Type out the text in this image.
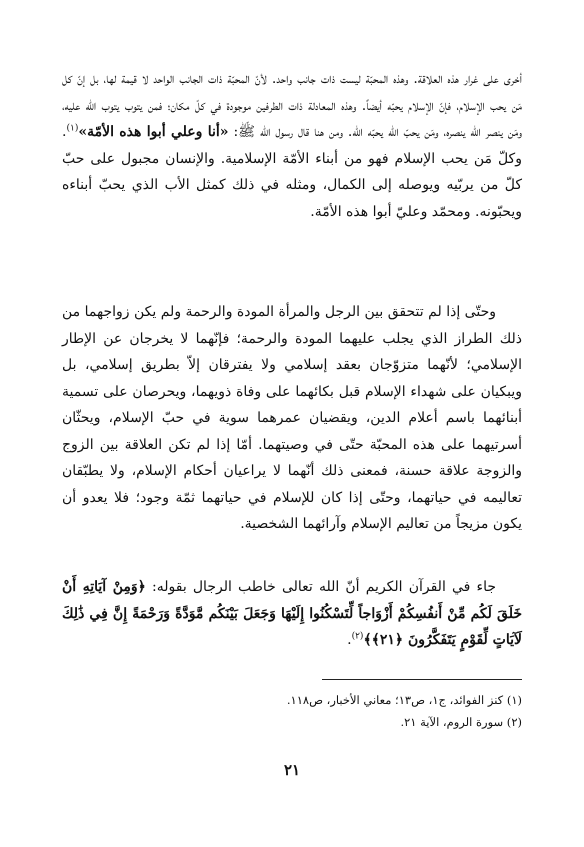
أخرى على غرار هذه العلاقة. وهذه المحبّة ليست ذات جانب واحد. لأنّ المحبّة ذات الجانب الواحد لا قيمة لها، بل إنّ كل مَن يحب الإسلام، فإنّ الإسلام يحبّه أيضاً. وهذه المعادلة ذات الطرفين موجودة في كلّ مكان؛ فمن يتوب يتوب الله عليه، ومَن ينصر الله ينصره، ومَن يحبّ الله يحبّه الله. ومن هنا قال رسول الله ﷺ: «أنا وعلي أبوا هذه الأمّة»$^{(١)}$. وكلّ مَن يحب الإسلام فهو من أبناء الأمّة الإسلامية. والإنسان مجبول على حبّ كلّ من يربّيه ويوصله إلى الكمال، ومثله في ذلك كمثل الأب الذي يحبّ أبناءه ويحبّونه. ومحمّد وعليّ أبوا هذه الأمّة.

وحتّى إذا لم تتحقق بين الرجل والمرأة المودة والرحمة ولم يكن زواجهما من ذلك الطراز الذي يجلب عليهما المودة والرحمة؛ فإنّهما لا يخرجان عن الإطار الإسلامي؛ لأنّهما متزوّجان بعقد إسلامي ولا يفترقان إلاّ بطريق إسلامي، بل ويبكيان على شهداء الإسلام قبل بكائهما على وفاة ذويهما، ويحرصان على تسمية أبنائهما باسم أعلام الدين، ويقضيان عمرهما سوية في حبّ الإسلام، ويحثّان أسرتيهما على هذه المحبّة حتّى في وصيتهما. أمّا إذا لم تكن العلاقة بين الزوج والزوجة علاقة حسنة، فمعنى ذلك أنّهما لا يراعيان أحكام الإسلام، ولا يطبّقان تعاليمه في حياتهما، وحتّى إذا كان للإسلام في حياتهما ثمّة وجود؛ فلا يعدو أن يكون مزيجاً من تعاليم الإسلام وآرائهما الشخصية.

جاء في القرآن الكريم أنّ الله تعالى خاطب الرجال بقوله: ﴿وَمِنْ آيَاتِهِ أَنْ خَلَقَ لَكُم مِّنْ أَنفُسِكُمْ أَزْوَاجاً لِّتَسْكُنُوا إِلَيْهَا وَجَعَلَ بَيْنَكُم مَّوَدَّةً وَرَحْمَةً إِنَّ فِي ذَٰلِكَ لَآيَاتٍ لِّقَوْمٍ يَتَفَكَّرُونَ ﴿٢١﴾﴾$^{(٢)}$.

(١) كنز الفوائد، ج١، ص١٣؛ معاني الأخبار، ص١١٨.
(٢) سورة الروم، الآية ٢١.
٢١
